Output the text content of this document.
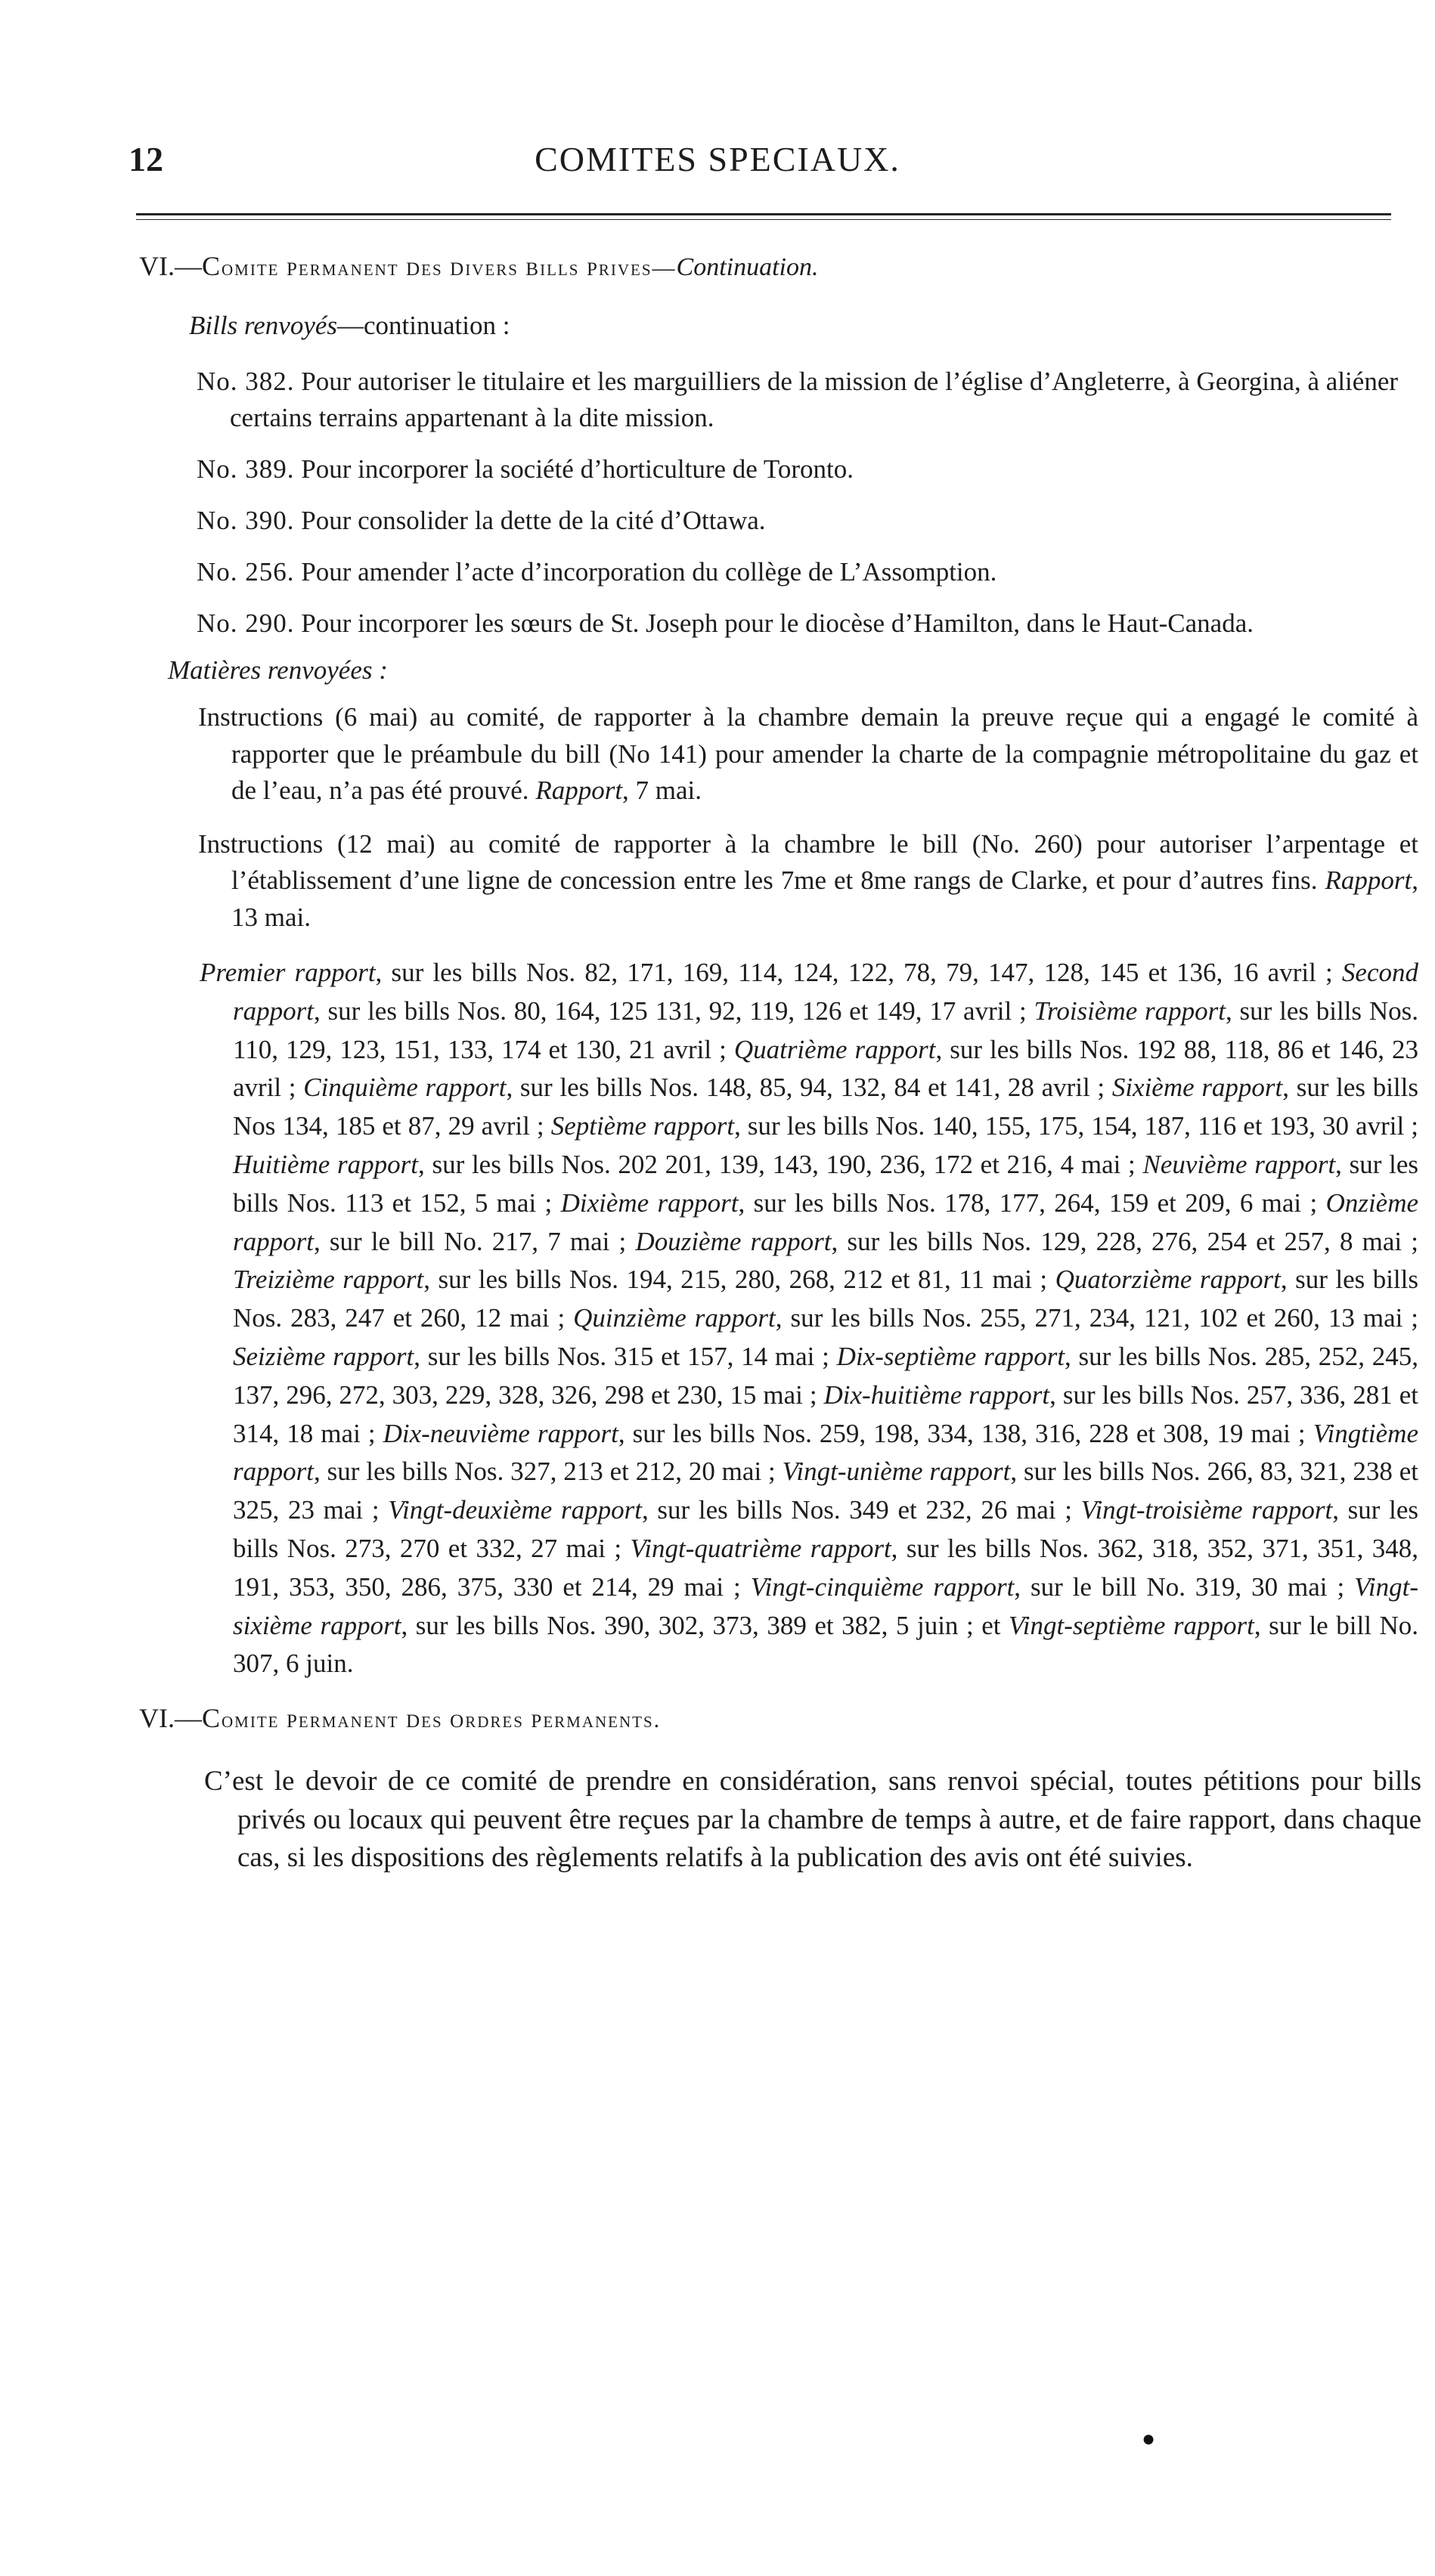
12	COMITES SPECIAUX.
VI.—Comite permanent des divers bills prives—Continuation.
Bills renvoyés—continuation :
No. 382. Pour autoriser le titulaire et les marguilliers de la mission de l’église d’Angleterre, à Georgina, à aliéner certains terrains appartenant à la dite mission.
No. 389. Pour incorporer la société d’horticulture de Toronto.
No. 390. Pour consolider la dette de la cité d’Ottawa.
No. 256. Pour amender l’acte d’incorporation du collège de L’Assomption.
No. 290. Pour incorporer les sœurs de St. Joseph pour le diocèse d’Hamilton, dans le Haut-Canada.
Matières renvoyées :
Instructions (6 mai) au comité, de rapporter à la chambre demain la preuve reçue qui a engagé le comité à rapporter que le préambule du bill (No 141) pour amender la charte de la compagnie métropolitaine du gaz et de l’eau, n’a pas été prouvé. Rapport, 7 mai.
Instructions (12 mai) au comité de rapporter à la chambre le bill (No. 260) pour autoriser l’arpentage et l’établissement d’une ligne de concession entre les 7me et 8me rangs de Clarke, et pour d’autres fins. Rapport, 13 mai.
Premier rapport, sur les bills Nos. 82, 171, 169, 114, 124, 122, 78, 79, 147, 128, 145 et 136, 16 avril ; Second rapport, sur les bills Nos. 80, 164, 125 131, 92, 119, 126 et 149, 17 avril ; Troisième rapport, sur les bills Nos. 110, 129, 123, 151, 133, 174 et 130, 21 avril ; Quatrième rapport, sur les bills Nos. 192 88, 118, 86 et 146, 23 avril ; Cinquième rapport, sur les bills Nos. 148, 85, 94, 132, 84 et 141, 28 avril ; Sixième rapport, sur les bills Nos 134, 185 et 87, 29 avril ; Septième rapport, sur les bills Nos. 140, 155, 175, 154, 187, 116 et 193, 30 avril ; Huitième rapport, sur les bills Nos. 202 201, 139, 143, 190, 236, 172 et 216, 4 mai ; Neuvième rapport, sur les bills Nos. 113 et 152, 5 mai ; Dixième rapport, sur les bills Nos. 178, 177, 264, 159 et 209, 6 mai ; Onzième rapport, sur le bill No. 217, 7 mai ; Douzième rapport, sur les bills Nos. 129, 228, 276, 254 et 257, 8 mai ; Treizième rapport, sur les bills Nos. 194, 215, 280, 268, 212 et 81, 11 mai ; Quatorzième rapport, sur les bills Nos. 283, 247 et 260, 12 mai ; Quinzième rapport, sur les bills Nos. 255, 271, 234, 121, 102 et 260, 13 mai ; Seizième rapport, sur les bills Nos. 315 et 157, 14 mai ; Dix-septième rapport, sur les bills Nos. 285, 252, 245, 137, 296, 272, 303, 229, 328, 326, 298 et 230, 15 mai ; Dix-huitième rapport, sur les bills Nos. 257, 336, 281 et 314, 18 mai ; Dix-neuvième rapport, sur les bills Nos. 259, 198, 334, 138, 316, 228 et 308, 19 mai ; Vingtième rapport, sur les bills Nos. 327, 213 et 212, 20 mai ; Vingt-unième rapport, sur les bills Nos. 266, 83, 321, 238 et 325, 23 mai ; Vingt-deuxième rapport, sur les bills Nos. 349 et 232, 26 mai ; Vingt-troisième rapport, sur les bills Nos. 273, 270 et 332, 27 mai ; Vingt-quatrième rapport, sur les bills Nos. 362, 318, 352, 371, 351, 348, 191, 353, 350, 286, 375, 330 et 214, 29 mai ; Vingt-cinquième rapport, sur le bill No. 319, 30 mai ; Vingt-sixième rapport, sur les bills Nos. 390, 302, 373, 389 et 382, 5 juin ; et Vingt-septième rapport, sur le bill No. 307, 6 juin.
VI.—Comite permanent des ordres permanents.
C’est le devoir de ce comité de prendre en considération, sans renvoi spécial, toutes pétitions pour bills privés ou locaux qui peuvent être reçues par la chambre de temps à autre, et de faire rapport, dans chaque cas, si les dispositions des règlements relatifs à la publication des avis ont été suivies.
●
